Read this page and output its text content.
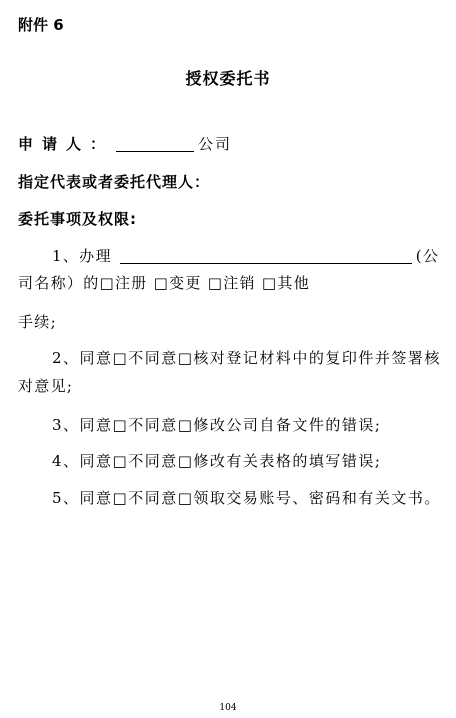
附件 6
授权委托书
申请人：	公司
指定代表或者委托代理人：
委托事项及权限:
1、办理	(公
司名称）的□注册 □变更 □注销 □其他
手续;
2、同意□不同意□核对登记材料中的复印件并签署核
对意见;
3、同意□不同意□修改公司自备文件的错误;
4、同意□不同意□修改有关表格的填写错误;
5、同意□不同意□领取交易账号、密码和有关文书。
104
